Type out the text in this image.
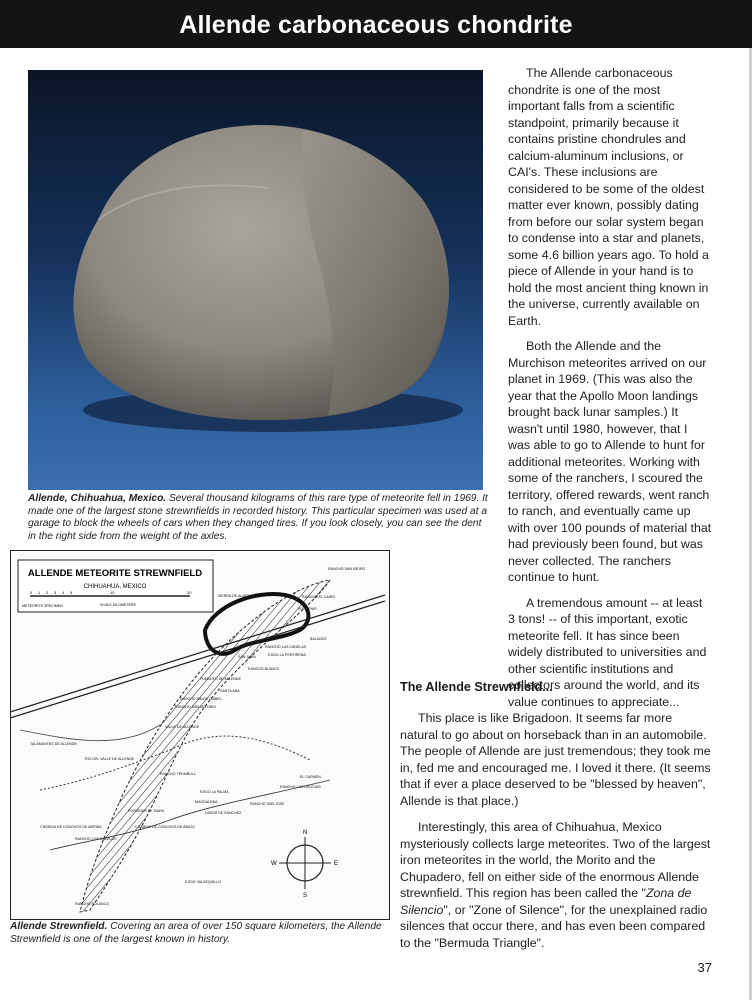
Allende carbonaceous chondrite
Allende, Chihuahua, Mexico. Several thousand kilograms of this rare type of meteorite fell in 1969. It made one of the largest stone strewnfields in recorded history. This particular specimen was used at a garage to block the wheels of cars when they changed tires. If you look closely, you can see the dent in the right side from the weight of the axles.

The Allende carbonaceous chondrite is one of the most important falls from a scientific standpoint, primarily because it contains pristine chondrules and calcium-aluminum inclusions, or CAI's. These inclusions are considered to be some of the oldest matter ever known, possibly dating from before our solar system began to condense into a star and planets, some 4.6 billion years ago. To hold a piece of Allende in your hand is to hold the most ancient thing known in the universe, currently available on Earth.

Both the Allende and the Murchison meteorites arrived on our planet in 1969. (This was also the year that the Apollo Moon landings brought back lunar samples.) It wasn't until 1980, however, that I was able to go to Allende to hunt for additional meteorites. Working with some of the ranchers, I scoured the territory, offered rewards, went ranch to ranch, and eventually came up with over 100 pounds of material that had previously been found, but was never collected. The ranchers continue to hunt.

A tremendous amount -- at least 3 tons! -- of this important, exotic meteorite fell. It has since been widely distributed to universities and other scientific institutions and collectors around the world, and its value continues to appreciate...

The Allende Strewnfield...

This place is like Brigadoon. It seems far more natural to go about on horseback than in an automobile. The people of Allende are just tremendous; they took me in, fed me and encouraged me. I loved it there. (It seems that if ever a place deserved to be "blessed by heaven", Allende is that place.)

Interestingly, this area of Chihuahua, Mexico mysteriously collects large meteorites. Two of the largest iron meteorites in the world, the Morito and the Chupadero, fell on either side of the enormous Allende strewnfield. This region has been called the "Zona de Silencio", or "Zone of Silence", for the unexplained radio silences that occur there, and has even been compared to the "Bermuda Triangle".

ALLENDE METEORITE STREWNFIELD
CHIHUAHUA, MEXICO
0 1 2 3 4 5	10	20
SCALE KILOMETERS
METEORITE SPECIMEN
N
S
E
W
SIERRA DE ALMOLOYA
RANCHO SAN ISIDRO
RANCHO EL CAIRO
PORVENIR
BALANCE
RANCHO LAS CANELAS
EJIDO LA PORFIRENA
SAN JUAN
RANCHO BLANCO
PUEBLITO DE ALLENDE
SANTA ANA
RANCHO SANTA ISABEL
RANCHO SAN ANTONIO
VALLE DE ALLENDE
TALAMANTES DE ALLENDE
RIO DEL VALLE DE ALLENDE
EL CARMEN
RANCHO LAS DELICIAS
RANCHO TRUMBULL
EJIDO LA PALMA
MAGDALENA	RANCHO SAN JOSE
LABOR DE SANCHEZ
PORVENIR DE MARA
CIENEGA DE CONCHOS DE ARRIBA	CIENEGA DE CONCHOS DE ABAJO
RANCHO LOS OJUELOS
RANCHO POLANCO
EJIDO VALSEQUILLO
Allende Strewnfield. Covering an area of over 150 square kilometers, the Allende Strewnfield is one of the largest known in history.
37
